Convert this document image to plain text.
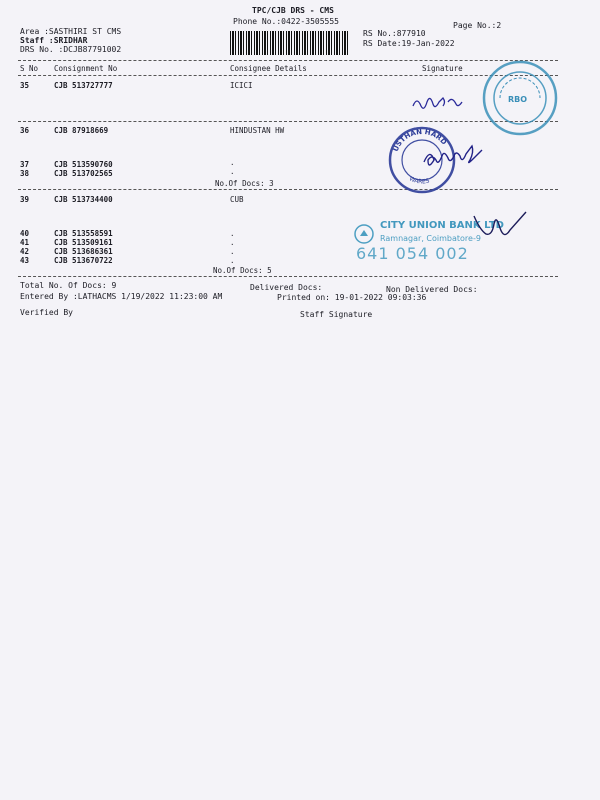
TPC/CJB DRS - CMS
Phone No.:0422-3505555	Page No.:2
Area :SASTHIRI ST CMS
Staff :SRIDHAR
DRS No. :DCJB87791002
RS No.:877910
RS Date:19-Jan-2022
S No Consignment No	Consignee Details	Signature
35	CJB 513727777	ICICI
36	CJB 87918669	HINDUSTAN HW
37	CJB 513590760	.
38	CJB 513702565	.
No.Of Docs: 3
39	CJB 513734400	CUB
40	CJB 513558591	.
41	CJB 513509161	.
42	CJB 513686361	.
43	CJB 513670722	.
No.Of Docs: 5
Total No. Of Docs: 9	Delivered Docs:	Non Delivered Docs:
Entered By :LATHACMS 1/19/2022 11:23:00 AM	Printed on: 19-01-2022 09:03:36
Verified By	Staff Signature
RBO
USTHAN HARD
WARES
CITY UNION BANK LTD
Ramnagar, Coimbatore-9
641 054 002
